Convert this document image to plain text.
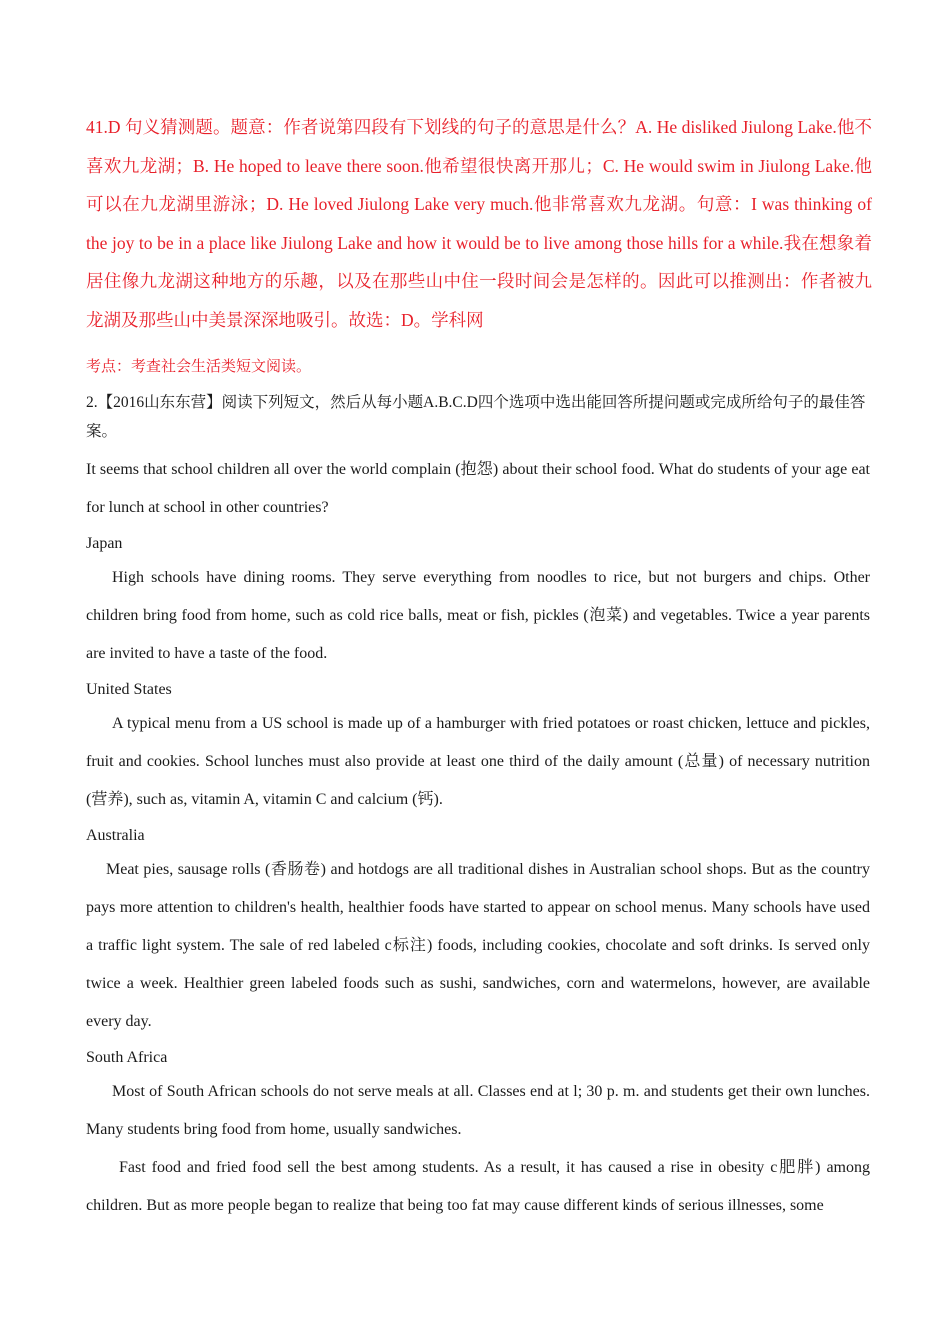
41.D 句义猜测题。题意：作者说第四段有下划线的句子的意思是什么？A. He disliked Jiulong Lake.他不喜欢九龙湖；B. He hoped to leave there soon.他希望很快离开那儿；C. He would swim in Jiulong Lake.他可以在九龙湖里游泳；D. He loved Jiulong Lake very much.他非常喜欢九龙湖。句意：I was thinking of the joy to be in a place like Jiulong Lake and how it would be to live among those hills for a while.我在想象着居住像九龙湖这种地方的乐趣，以及在那些山中住一段时间会是怎样的。因此可以推测出：作者被九龙湖及那些山中美景深深地吸引。故选：D。学科网

考点：考查社会生活类短文阅读。

2.【2016山东东营】阅读下列短文，然后从每小题A.B.C.D四个选项中选出能回答所提问题或完成所给句子的最佳答案。

It seems that school children all over the world complain (抱怨) about their school food. What do students of your age eat for lunch at school in other countries?

Japan

High schools have dining rooms. They serve everything from noodles to rice, but not burgers and chips. Other children bring food from home, such as cold rice balls, meat or fish, pickles (泡菜) and vegetables. Twice a year parents are invited to have a taste of the food.

United States

A typical menu from a US school is made up of a hamburger with fried potatoes or roast chicken, lettuce and pickles, fruit and cookies. School lunches must also provide at least one third of the daily amount (总量) of necessary nutrition (营养), such as, vitamin A, vitamin C and calcium (钙).

Australia

Meat pies, sausage rolls (香肠卷) and hotdogs are all traditional dishes in Australian school shops. But as the country pays more attention to children's health, healthier foods have started to appear on school menus. Many schools have used a traffic light system. The sale of red labeled c标注) foods, including cookies, chocolate and soft drinks. Is served only twice a week. Healthier green labeled foods such as sushi, sandwiches, corn and watermelons, however, are available every day.

South Africa

Most of South African schools do not serve meals at all. Classes end at l; 30 p. m. and students get their own lunches. Many students bring food from home, usually sandwiches.

Fast food and fried food sell the best among students. As a result, it has caused a rise in obesity c肥胖) among children. But as more people began to realize that being too fat may cause different kinds of serious illnesses, some
